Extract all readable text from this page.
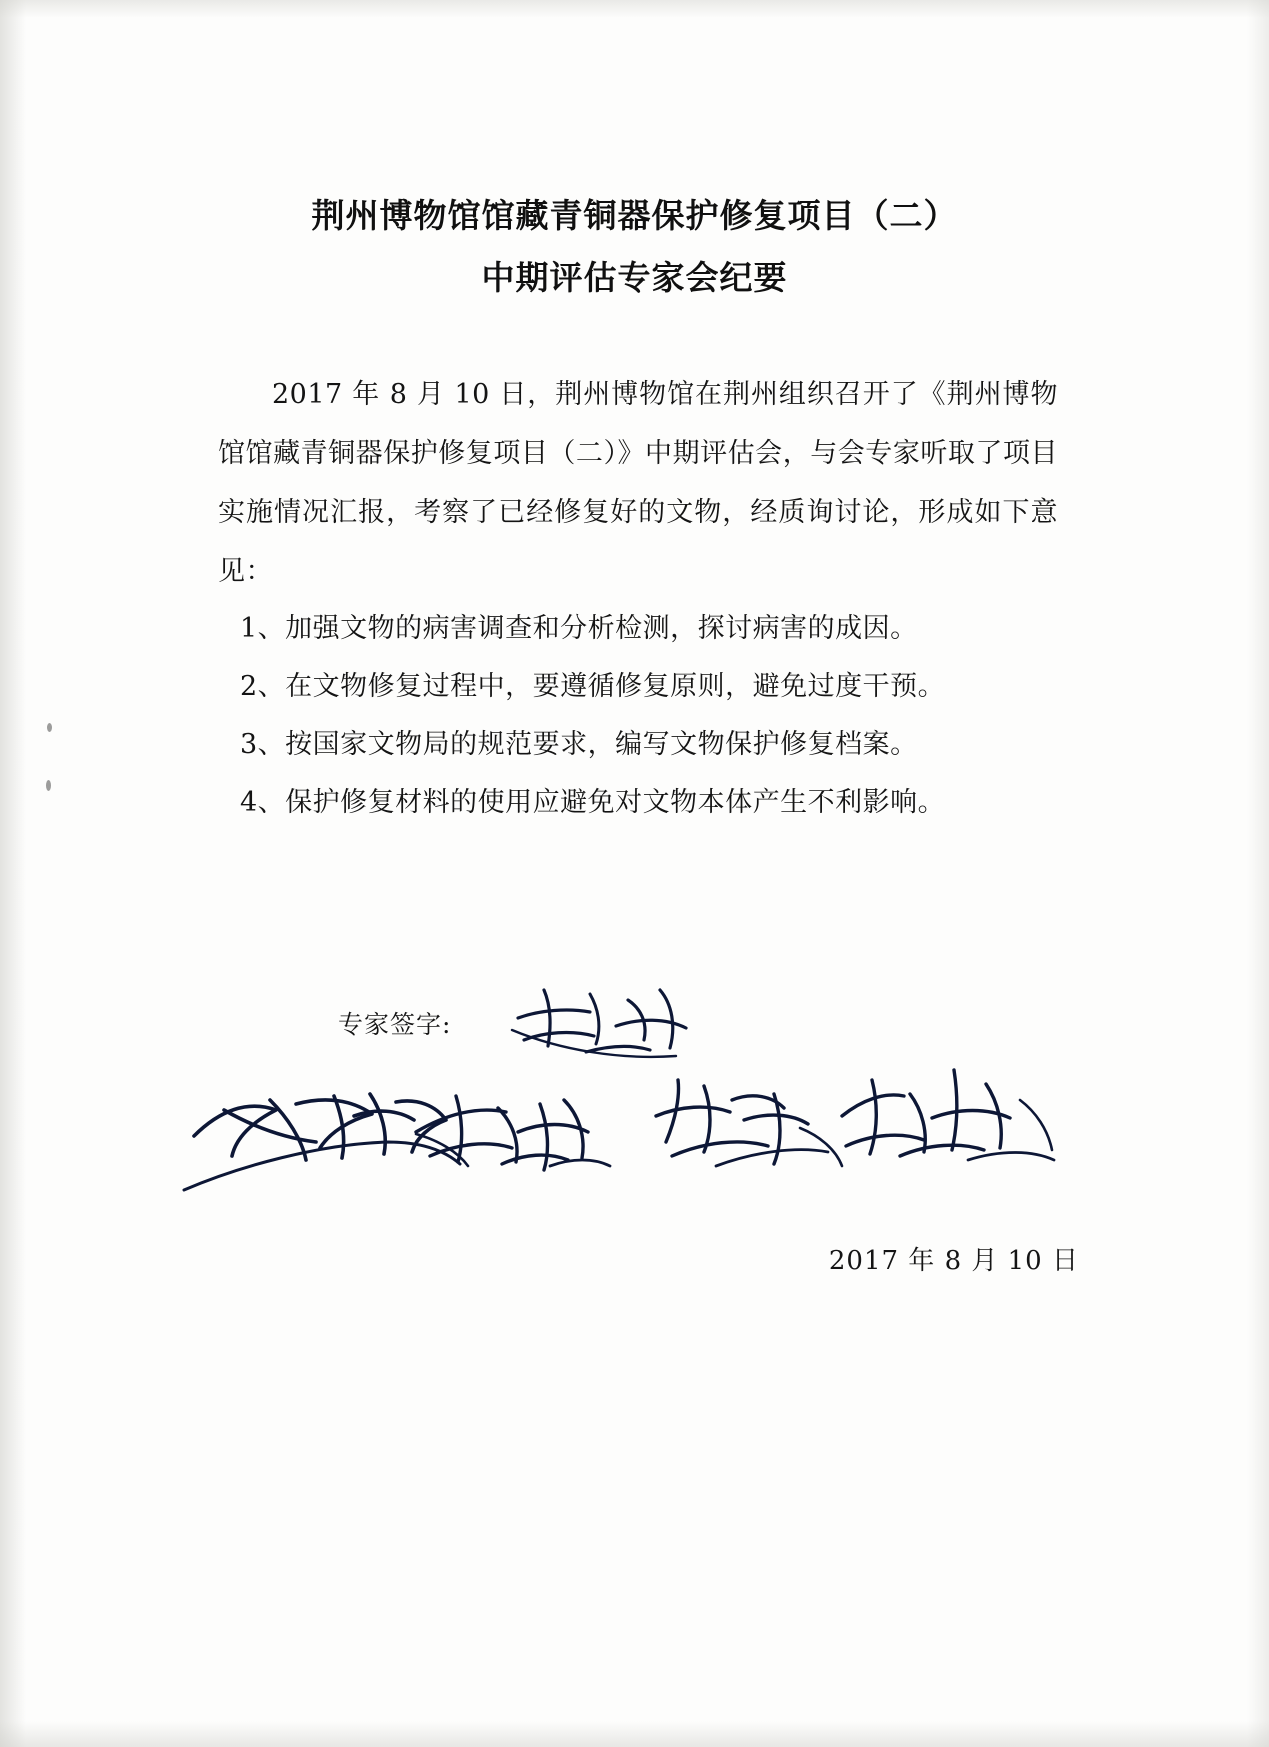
荆州博物馆馆藏青铜器保护修复项目（二）
中期评估专家会纪要
2017 年 8 月 10 日，荆州博物馆在荆州组织召开了《荆州博物馆馆藏青铜器保护修复项目（二）》中期评估会，与会专家听取了项目实施情况汇报，考察了已经修复好的文物，经质询讨论，形成如下意见：
1、加强文物的病害调查和分析检测，探讨病害的成因。
2、在文物修复过程中，要遵循修复原则，避免过度干预。
3、按国家文物局的规范要求，编写文物保护修复档案。
4、保护修复材料的使用应避免对文物本体产生不利影响。
专家签字:
2017 年 8 月 10 日
